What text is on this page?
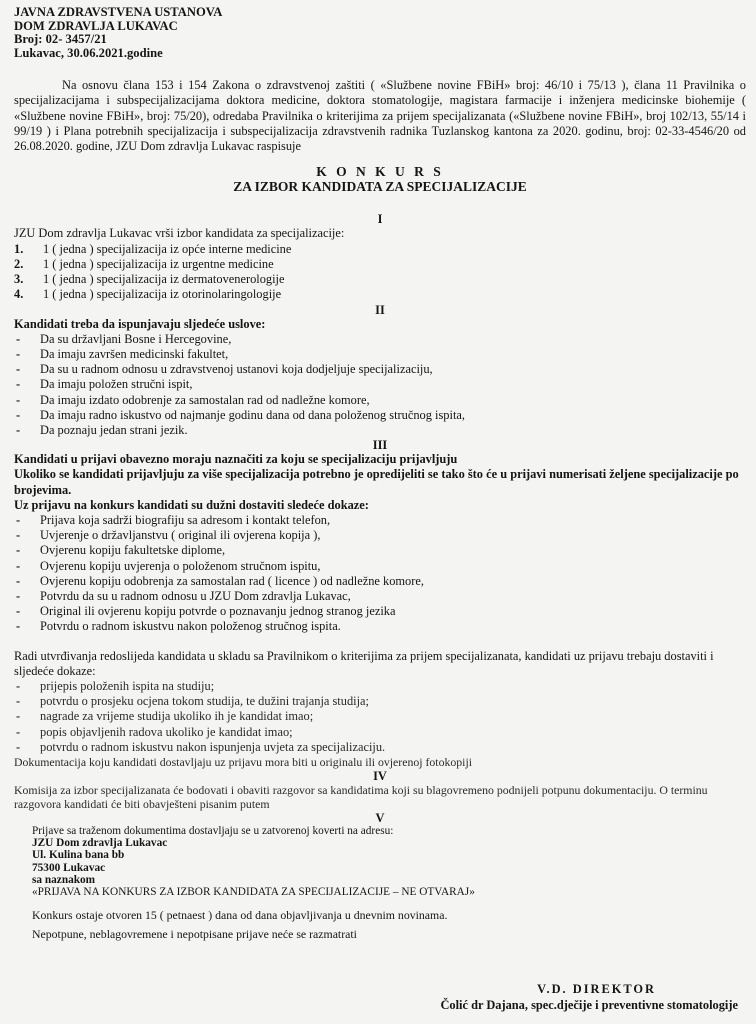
JAVNA ZDRAVSTVENA USTANOVA
DOM ZDRAVLJA LUKAVAC
Broj: 02- 3457/21
Lukavac, 30.06.2021.godine
Na osnovu člana 153 i 154 Zakona o zdravstvenoj zaštiti ( «Službene novine FBiH» broj: 46/10 i 75/13 ), člana 11 Pravilnika o specijalizacijama i subspecijalizacijama doktora medicine, doktora stomatologije, magistara farmacije i inženjera medicinske biohemije ( «Službene novine FBiH», broj: 75/20), odredaba Pravilnika o kriterijima za prijem specijalizanata («Službene novine FBiH», broj 102/13, 55/14 i 99/19 ) i Plana potrebnih specijalizacija i subspecijalizacija zdravstvenih radnika Tuzlanskog kantona za 2020. godinu, broj: 02-33-4546/20 od 26.08.2020. godine, JZU Dom zdravlja Lukavac raspisuje
K O N K U R S
ZA IZBOR KANDIDATA ZA SPECIJALIZACIJE
I

JZU Dom zdravlja Lukavac vrši izbor kandidata za specijalizacije:

1. 1 ( jedna ) specijalizacija iz opće interne medicine
2. 1 ( jedna ) specijalizacija iz urgentne medicine
3. 1 ( jedna ) specijalizacija iz dermatovenerologije
4. 1 ( jedna ) specijalizacija iz otorinolaringologije
II

Kandidati treba da ispunjavaju sljedeće uslove:

- Da su državljani Bosne i Hercegovine,
- Da imaju završen medicinski fakultet,
- Da su u radnom odnosu u zdravstvenoj ustanovi koja dodjeljuje specijalizaciju,
- Da imaju položen stručni ispit,
- Da imaju izdato odobrenje za samostalan rad od nadležne komore,
- Da imaju radno iskustvo od najmanje godinu dana od dana položenog stručnog ispita,
- Da poznaju jedan strani jezik.
III

Kandidati u prijavi obavezno moraju naznačiti za koju se specijalizaciju prijavljuju

Ukoliko se kandidati prijavljuju za više specijalizacija potrebno je opredijeliti se tako što će u prijavi numerisati željene specijalizacije po brojevima.

Uz prijavu na konkurs kandidati su dužni dostaviti sledeće dokaze:

- Prijava koja sadrži biografiju sa adresom i kontakt telefon,
- Uvjerenje o državljanstvu ( original ili ovjerena kopija ),
- Ovjerenu kopiju fakultetske diplome,
- Ovjerenu kopiju uvjerenja o položenom stručnom ispitu,
- Ovjerenu kopiju odobrenja za samostalan rad ( licence ) od nadležne komore,
- Potvrdu da su u radnom odnosu u JZU Dom zdravlja Lukavac,
- Original ili ovjerenu kopiju potvrde o poznavanju jednog stranog jezika
- Potvrdu o radnom iskustvu nakon položenog stručnog ispita.

Radi utvrđivanja redoslijeda kandidata u skladu sa Pravilnikom o kriterijima za prijem specijalizanata, kandidati uz prijavu trebaju dostaviti i sljedeće dokaze:

- prijepis položenih ispita na studiju;
- potvrdu o prosjeku ocjena tokom studija, te dužini trajanja studija;
- nagrade za vrijeme studija ukoliko ih je kandidat imao;
- popis objavljenih radova ukoliko je kandidat imao;
- potvrdu o radnom iskustvu nakon ispunjenja uvjeta za specijalizaciju.

Dokumentacija koju kandidati dostavljaju uz prijavu mora biti u originalu ili ovjerenoj fotokopiji

IV

Komisija za izbor specijalizanata će bodovati i obaviti razgovor sa kandidatima koji su blagovremeno podnijeli potpunu dokumentaciju. O terminu razgovora kandidati će biti obavješteni pisanim putem

V
Prijave sa traženom dokumentima dostavljaju se u zatvorenoj koverti na adresu:
JZU Dom zdravlja Lukavac
Ul. Kulina bana bb
75300 Lukavac
sa naznakom
«PRIJAVA NA KONKURS ZA IZBOR KANDIDATA ZA SPECIJALIZACIJE – NE OTVARAJ»
Konkurs ostaje otvoren 15 ( petnaest ) dana od dana objavljivanja u dnevnim novinama.
Nepotpune, neblagovremene i nepotpisane prijave neće se razmatrati
V.D. DIREKTOR
Čolić dr Dajana, spec.dječije i preventivne stomatologije
